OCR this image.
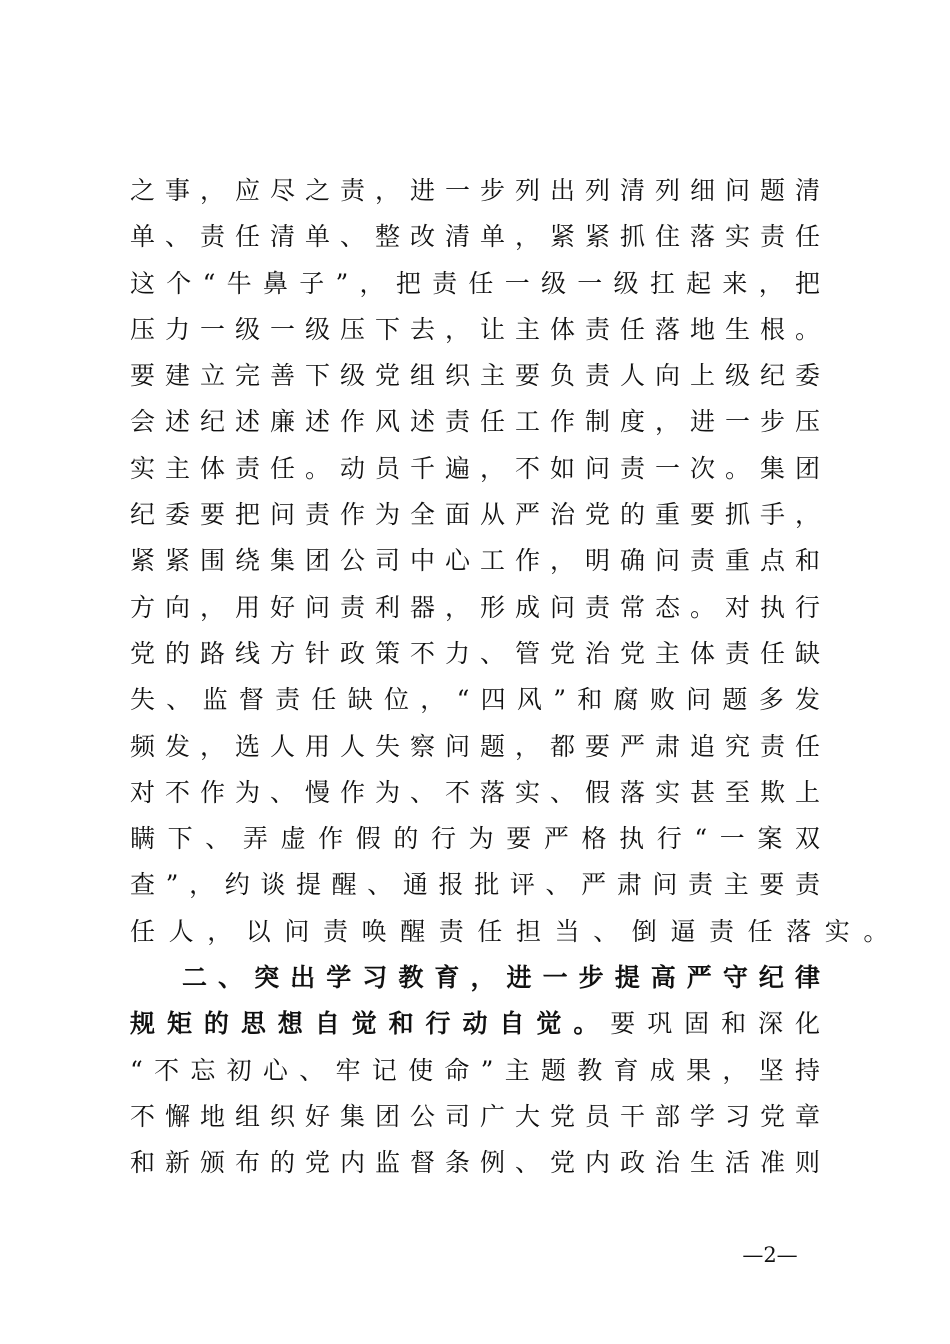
之事，应尽之责，进一步列出列清列细问题清
单、责任清单、整改清单，紧紧抓住落实责任
这个“牛鼻子”，把责任一级一级扛起来，把
压力一级一级压下去，让主体责任落地生根。
要建立完善下级党组织主要负责人向上级纪委
会述纪述廉述作风述责任工作制度，进一步压
实主体责任。动员千遍，不如问责一次。集团
纪委要把问责作为全面从严治党的重要抓手，
紧紧围绕集团公司中心工作，明确问责重点和
方向，用好问责利器，形成问责常态。对执行
党的路线方针政策不力、管党治党主体责任缺
失、监督责任缺位，“四风”和腐败问题多发
频发，选人用人失察问题，都要严肃追究责任
对不作为、慢作为、不落实、假落实甚至欺上
瞒下、弄虚作假的行为要严格执行“一案双
查”，约谈提醒、通报批评、严肃问责主要责
任人，以问责唤醒责任担当、倒逼责任落实。
二、突出学习教育，进一步提高严守纪律
规矩的思想自觉和行动自觉。要巩固和深化
“不忘初心、牢记使命”主题教育成果，坚持
不懈地组织好集团公司广大党员干部学习党章
和新颁布的党内监督条例、党内政治生活准则
—2—
